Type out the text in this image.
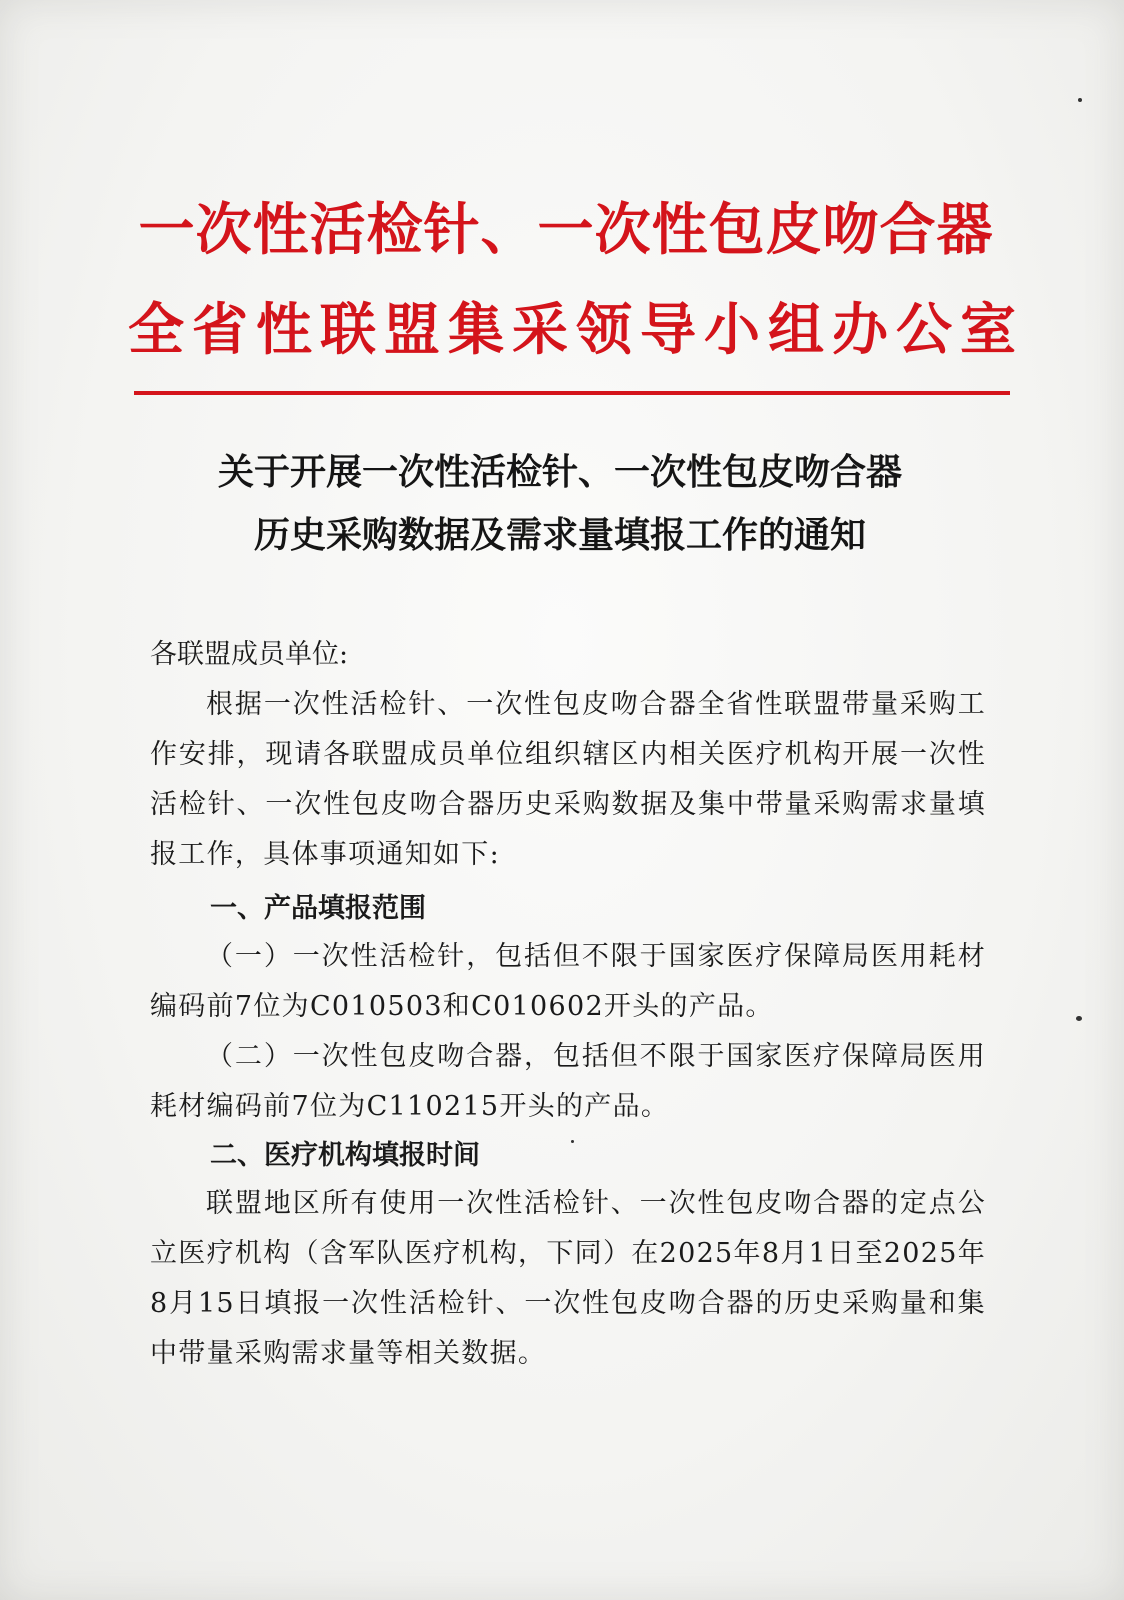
一次性活检针、一次性包皮吻合器
全省性联盟集采领导小组办公室
关于开展一次性活检针、一次性包皮吻合器
历史采购数据及需求量填报工作的通知
各联盟成员单位:
根据一次性活检针、一次性包皮吻合器全省性联盟带量采购工作安排，现请各联盟成员单位组织辖区内相关医疗机构开展一次性活检针、一次性包皮吻合器历史采购数据及集中带量采购需求量填报工作，具体事项通知如下:
一、产品填报范围
（一）一次性活检针，包括但不限于国家医疗保障局医用耗材编码前7位为C010503和C010602开头的产品。
（二）一次性包皮吻合器，包括但不限于国家医疗保障局医用耗材编码前7位为C110215开头的产品。
二、医疗机构填报时间
联盟地区所有使用一次性活检针、一次性包皮吻合器的定点公立医疗机构（含军队医疗机构，下同）在2025年8月1日至2025年8月15日填报一次性活检针、一次性包皮吻合器的历史采购量和集中带量采购需求量等相关数据。
